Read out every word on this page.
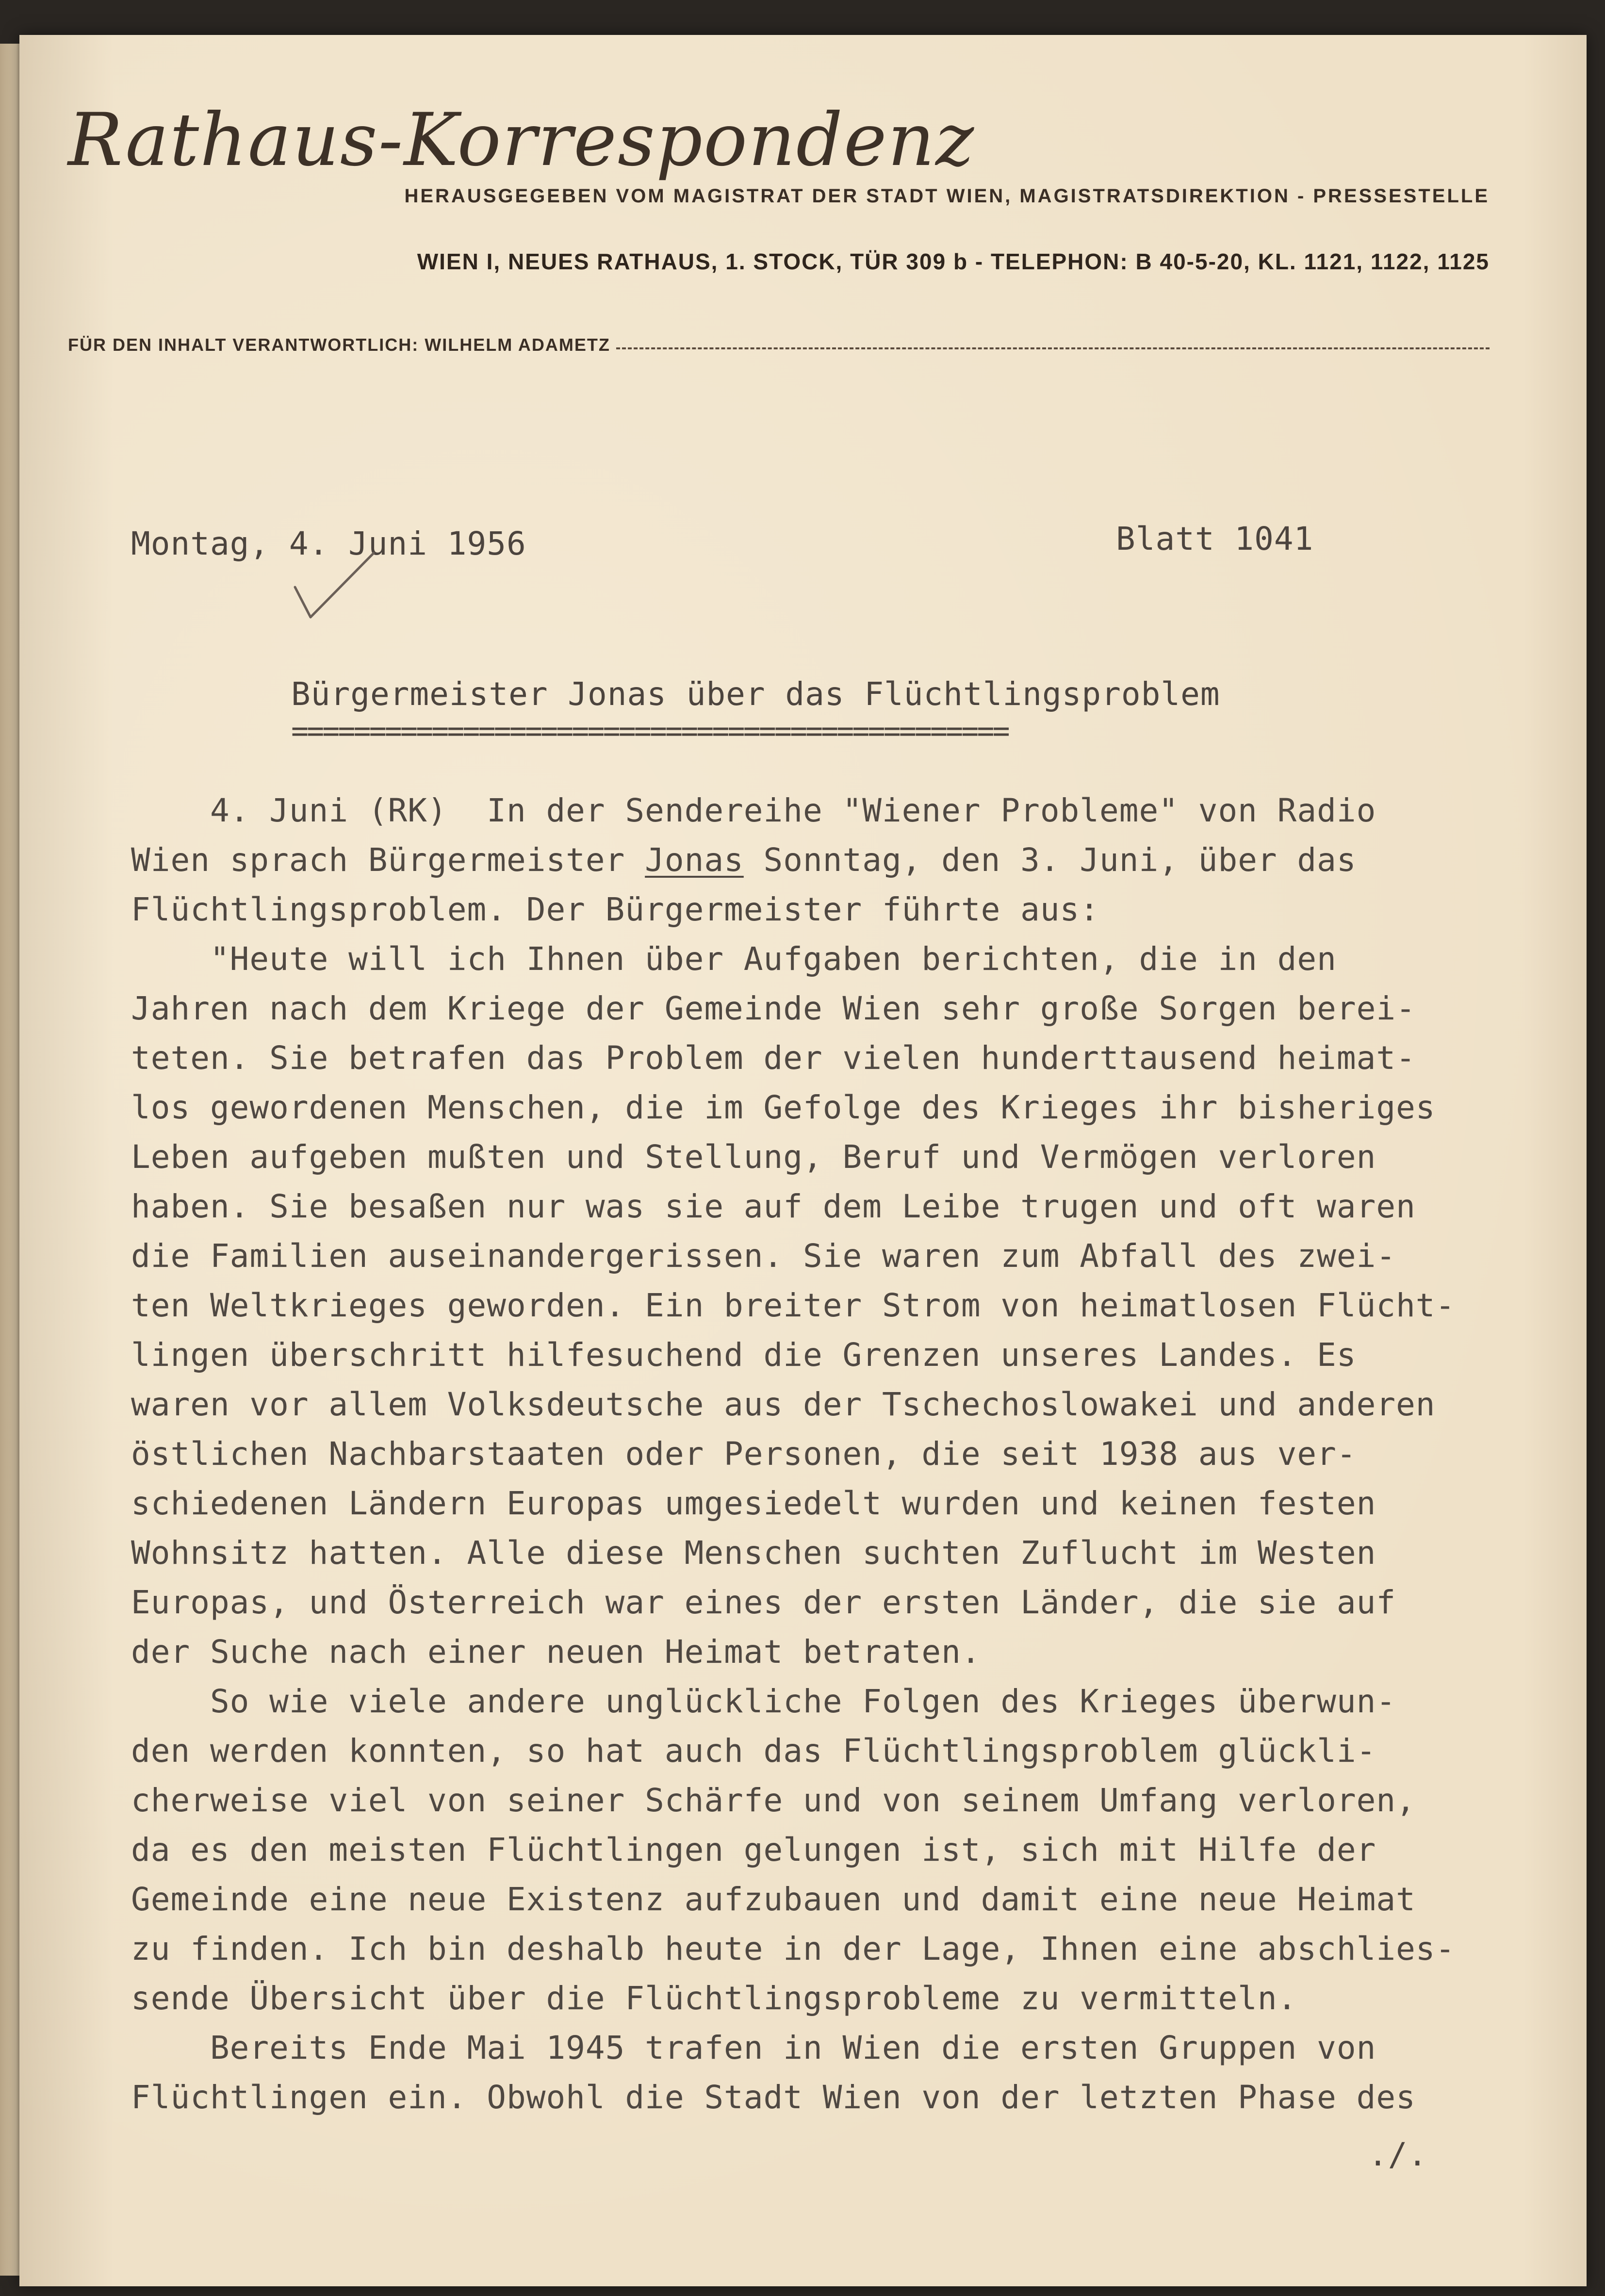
Rathaus-Korrespondenz
HERAUSGEGEBEN VOM MAGISTRAT DER STADT WIEN, MAGISTRATSDIREKTION - PRESSESTELLE
WIEN I, NEUES RATHAUS, 1. STOCK, TÜR 309 b - TELEPHON: B 40-5-20, KL. 1121, 1122, 1125
FÜR DEN INHALT VERANTWORTLICH: WILHELM ADAMETZ
Montag, 4. Juni 1956	Blatt 1041
Bürgermeister Jonas über das Flüchtlingsproblem
==============================================
4. Juni (RK)  In der Sendereihe "Wiener Probleme" von Radio
Wien sprach Bürgermeister Jonas Sonntag, den 3. Juni, über das
Flüchtlingsproblem. Der Bürgermeister führte aus:
"Heute will ich Ihnen über Aufgaben berichten, die in den
Jahren nach dem Kriege der Gemeinde Wien sehr große Sorgen berei-
teten. Sie betrafen das Problem der vielen hunderttausend heimat-
los gewordenen Menschen, die im Gefolge des Krieges ihr bisheriges
Leben aufgeben mußten und Stellung, Beruf und Vermögen verloren
haben. Sie besaßen nur was sie auf dem Leibe trugen und oft waren
die Familien auseinandergerissen. Sie waren zum Abfall des zwei-
ten Weltkrieges geworden. Ein breiter Strom von heimatlosen Flücht-
lingen überschritt hilfesuchend die Grenzen unseres Landes. Es
waren vor allem Volksdeutsche aus der Tschechoslowakei und anderen
östlichen Nachbarstaaten oder Personen, die seit 1938 aus ver-
schiedenen Ländern Europas umgesiedelt wurden und keinen festen
Wohnsitz hatten. Alle diese Menschen suchten Zuflucht im Westen
Europas, und Österreich war eines der ersten Länder, die sie auf
der Suche nach einer neuen Heimat betraten.
So wie viele andere unglückliche Folgen des Krieges überwun-
den werden konnten, so hat auch das Flüchtlingsproblem glückli-
cherweise viel von seiner Schärfe und von seinem Umfang verloren,
da es den meisten Flüchtlingen gelungen ist, sich mit Hilfe der
Gemeinde eine neue Existenz aufzubauen und damit eine neue Heimat
zu finden. Ich bin deshalb heute in der Lage, Ihnen eine abschlies-
sende Übersicht über die Flüchtlingsprobleme zu vermitteln.
Bereits Ende Mai 1945 trafen in Wien die ersten Gruppen von
Flüchtlingen ein. Obwohl die Stadt Wien von der letzten Phase des
./.
